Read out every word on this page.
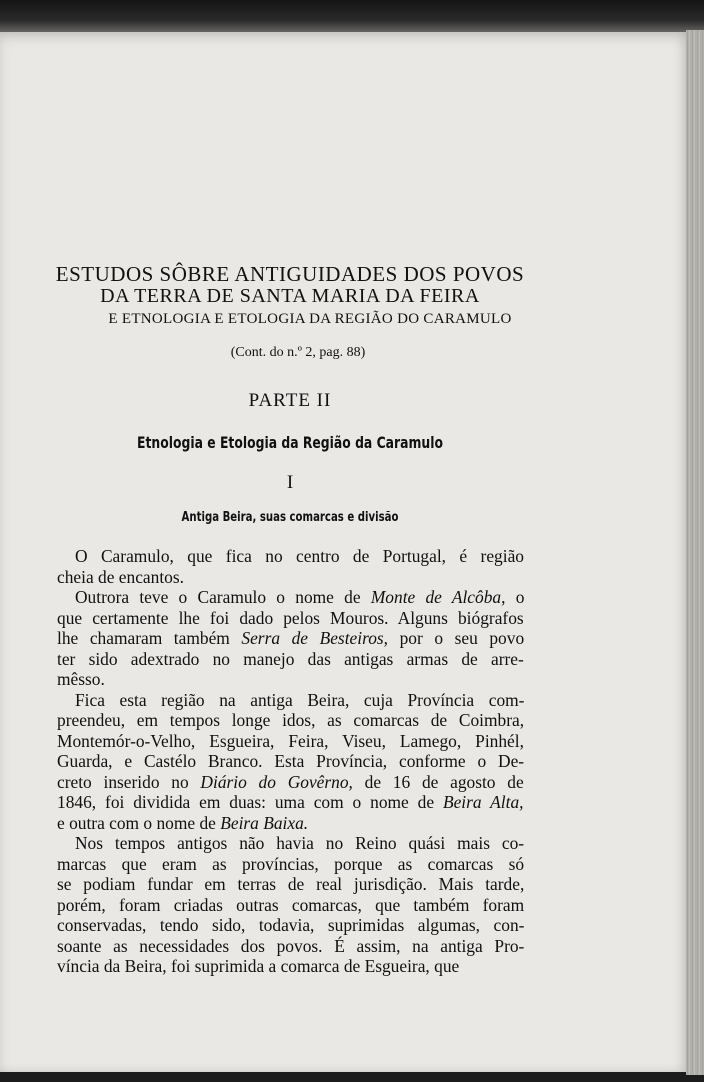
ESTUDOS SÔBRE ANTIGUIDADES DOS POVOS
DA TERRA DE SANTA MARIA DA FEIRA
E ETNOLOGIA E ETOLOGIA DA REGIÃO DO CARAMULO
(Cont. do n.º 2, pag. 88)
PARTE II
Etnologia e Etologia da Região da Caramulo
I
Antiga Beira, suas comarcas e divisão

O Caramulo, que fica no centro de Portugal, é região
cheia de encantos.

Outrora teve o Caramulo o nome de Monte de Alcôba, o
que certamente lhe foi dado pelos Mouros. Alguns biógrafos
lhe chamaram também Serra de Besteiros, por o seu povo
ter sido adextrado no manejo das antigas armas de arre-
mêsso.

Fica esta região na antiga Beira, cuja Província com-
preendeu, em tempos longe idos, as comarcas de Coimbra,
Montemór-o-Velho, Esgueira, Feira, Viseu, Lamego, Pinhél,
Guarda, e Castélo Branco. Esta Província, conforme o De-
creto inserido no Diário do Govêrno, de 16 de agosto de
1846, foi dividida em duas: uma com o nome de Beira Alta,
e outra com o nome de Beira Baixa.

Nos tempos antigos não havia no Reino quási mais co-
marcas que eram as províncias, porque as comarcas só
se podiam fundar em terras de real jurisdição. Mais tarde,
porém, foram criadas outras comarcas, que também foram
conservadas, tendo sido, todavia, suprimidas algumas, con-
soante as necessidades dos povos. É assim, na antiga Pro-
víncia da Beira, foi suprimida a comarca de Esgueira, que
